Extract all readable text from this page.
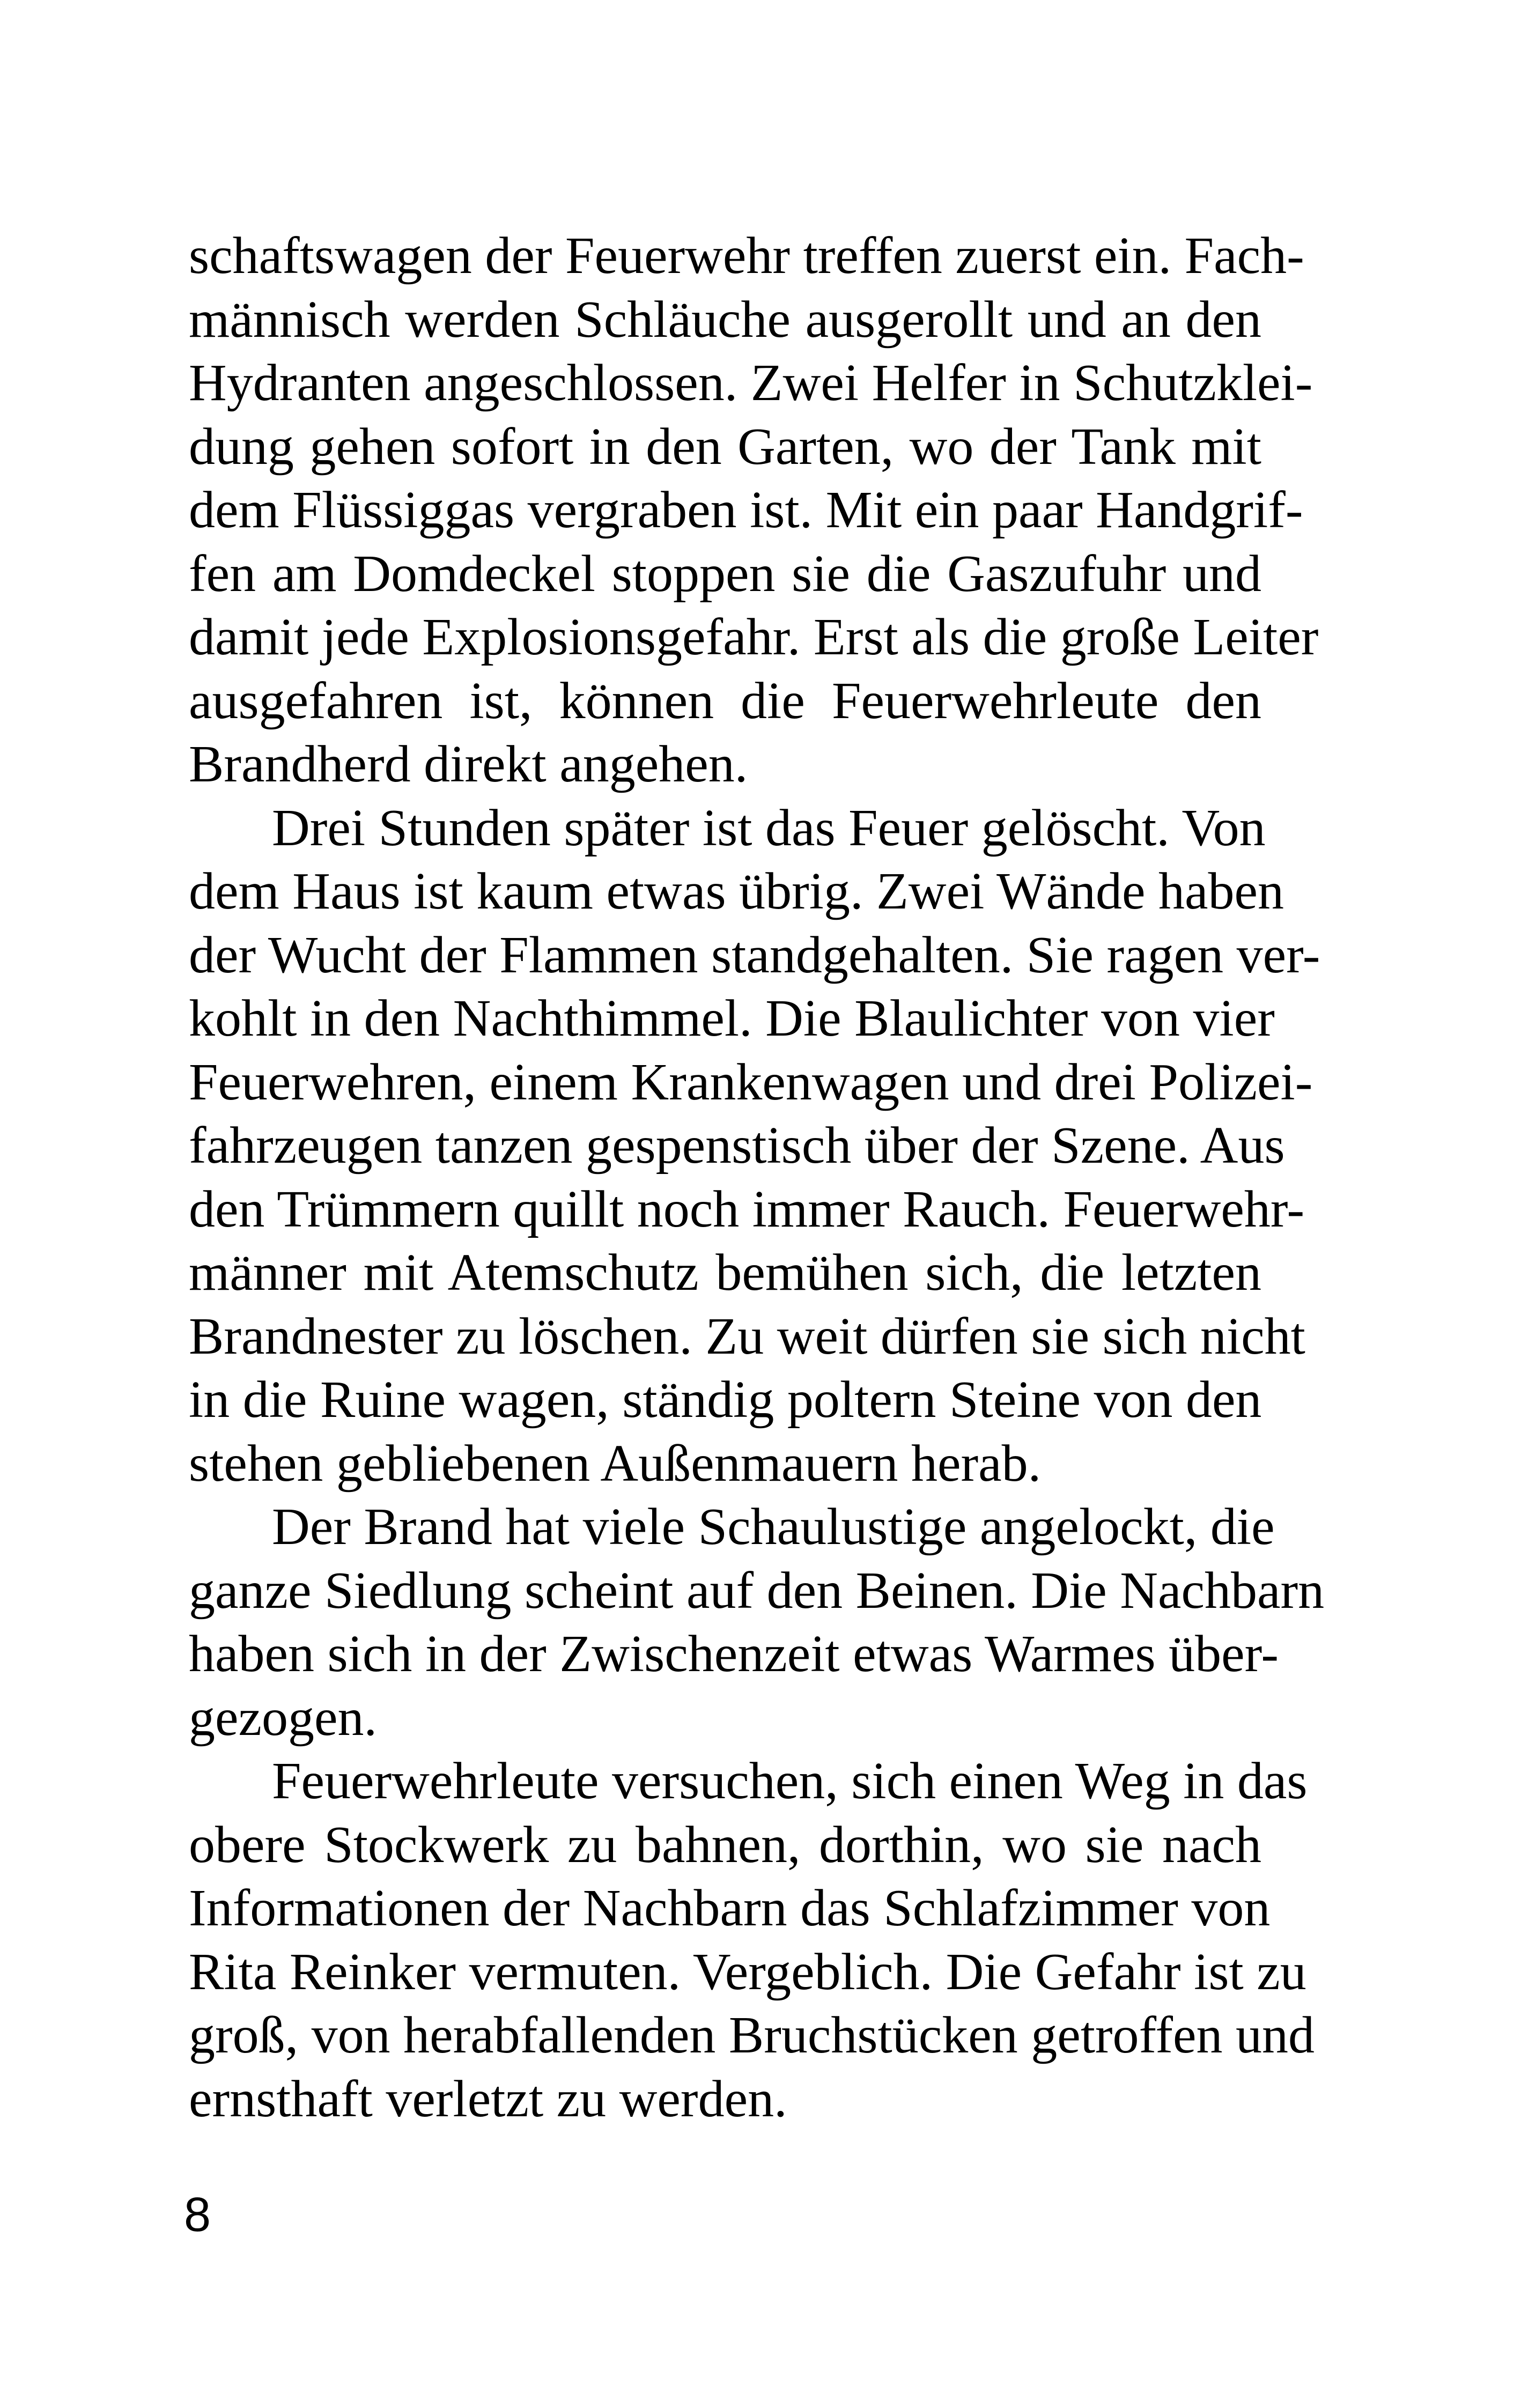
schaftswagen der Feuerwehr treffen zuerst ein. Fach-
männisch werden Schläuche ausgerollt und an den
Hydranten angeschlossen. Zwei Helfer in Schutzklei-
dung gehen sofort in den Garten, wo der Tank mit
dem Flüssiggas vergraben ist. Mit ein paar Handgrif-
fen am Domdeckel stoppen sie die Gaszufuhr und
damit jede Explosionsgefahr. Erst als die große Leiter
ausgefahren ist, können die Feuerwehrleute den
Brandherd direkt angehen.
Drei Stunden später ist das Feuer gelöscht. Von
dem Haus ist kaum etwas übrig. Zwei Wände haben
der Wucht der Flammen standgehalten. Sie ragen ver-
kohlt in den Nachthimmel. Die Blaulichter von vier
Feuerwehren, einem Krankenwagen und drei Polizei-
fahrzeugen tanzen gespenstisch über der Szene. Aus
den Trümmern quillt noch immer Rauch. Feuerwehr-
männer mit Atemschutz bemühen sich, die letzten
Brandnester zu löschen. Zu weit dürfen sie sich nicht
in die Ruine wagen, ständig poltern Steine von den
stehen gebliebenen Außenmauern herab.
Der Brand hat viele Schaulustige angelockt, die
ganze Siedlung scheint auf den Beinen. Die Nachbarn
haben sich in der Zwischenzeit etwas Warmes über-
gezogen.
Feuerwehrleute versuchen, sich einen Weg in das
obere Stockwerk zu bahnen, dorthin, wo sie nach
Informationen der Nachbarn das Schlafzimmer von
Rita Reinker vermuten. Vergeblich. Die Gefahr ist zu
groß, von herabfallenden Bruchstücken getroffen und
ernsthaft verletzt zu werden.
8
